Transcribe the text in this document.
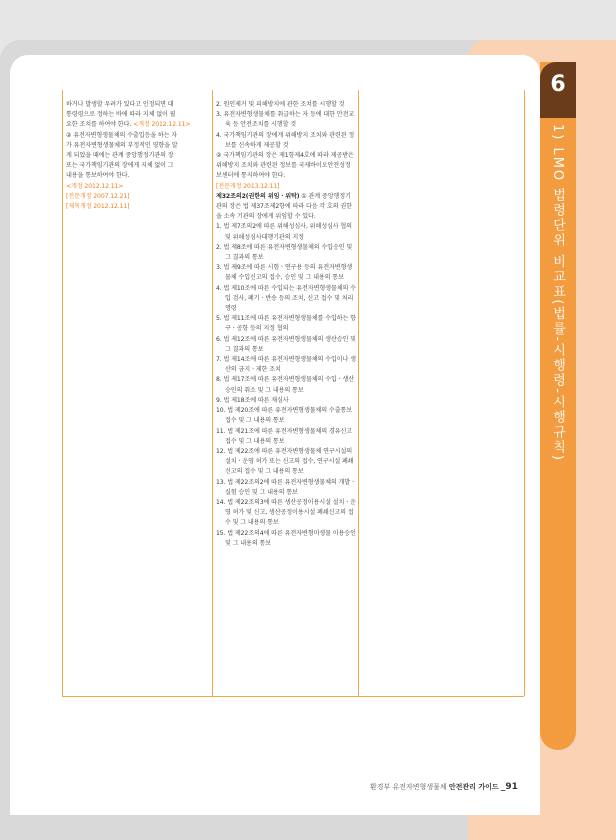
하거나 발생할 우려가 있다고 인정되면 대

통령령으로 정하는 바에 따라 지체 없이 필

요한 조치를 하여야 한다. <개정 2012.12.11>

② 유전자변형생물체의 수출입등을 하는 자

가 유전자변형생물체의 부정적인 영향을 알

게 되었을 때에는 관계 중앙행정기관의 장

또는 국가책임기관의 장에게 지체 없이 그

내용을 통보하여야 한다.

<개정 2012.12.11>

[전문개정 2007.12.21]

[제목개정 2012.12.11]

2. 원인제거 및 피해방지에 관한 조치를 시행할 것

3. 유전자변형생물체를 취급하는 자 등에 대한 안전교육 등 안전조치를 시행할 것

4. 국가책임기관의 장에게 위해방지 조치와 관련된 정보를 신속하게 제공할 것

② 국가책임기관의 장은 제1항제4호에 따라 제공받은 위해방지 조치와 관련된 정보를 국제바이오안전성정보센터에 통지하여야 한다.

[전문개정 2013.12.11]

제32조의2(권한의 위임ㆍ위탁) ① 관계 중앙행정기관의 장은 법 제37조제2항에 따라 다음 각 호의 권한을 소속 기관의 장에게 위임할 수 있다.

1. 법 제7조의2에 따른 위해성심사, 위해성심사 협의 및 위해성심사대행기관의 지정

2. 법 제8조에 따른 유전자변형생물체의 수입승인 및 그 결과의 통보

3. 법 제9조에 따른 시험ㆍ연구용 등의 유전자변형생물체 수입신고의 접수, 승인 및 그 내용의 통보

4. 법 제10조에 따른 수입되는 유전자변형생물체의 수입 검사, 폐기ㆍ반송 등의 조치, 신고 접수 및 처리명령

5. 법 제11조에 따른 유전자변형생물체를 수입하는 항구ㆍ공항 등의 지정 협의

6. 법 제12조에 따른 유전자변형생물체의 생산승인 및 그 결과의 통보

7. 법 제14조에 따른 유전자변형생물체의 수입이나 생산의 금지ㆍ제한 조치

8. 법 제17조에 따른 유전자변형생물체의 수입ㆍ생산승인의 취소 및 그 내용의 통보

9. 법 제18조에 따른 재심사

10. 법 제20조에 따른 유전자변형생물체의 수출통보 접수 및 그 내용의 통보

11. 법 제21조에 따른 유전자변형생물체의 경유신고 접수 및 그 내용의 통보

12. 법 제22조에 따른 유전자변형생물체 연구시설의 설치ㆍ운영 허가 또는 신고의 접수, 연구시설 폐쇄신고의 접수 및 그 내용의 통보

13. 법 제22조의2에 따른 유전자변형생물체의 개발ㆍ실험 승인 및 그 내용의 통보

14. 법 제22조의3에 따른 생산공정이용시설 설치ㆍ운영 허가 및 신고, 생산공정이용시설 폐쇄신고의 접수 및 그 내용의 통보

15. 법 제22조의4에 따른 유전자변형미생물 이용승인 및 그 내용의 통보

6
1) LMO 법령단위 비교표(법률-시행령-시행규칙)
환경부 유전자변형생물체 안전관리 가이드 _91
